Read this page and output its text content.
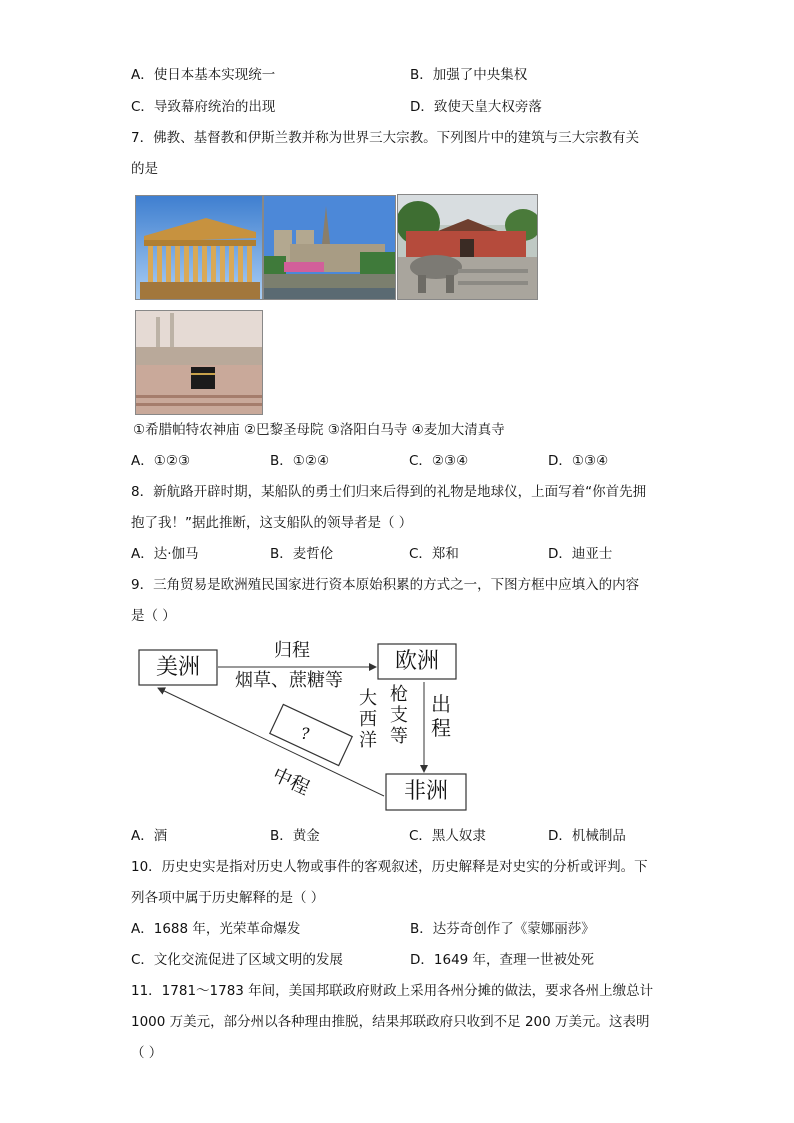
A．使日本基本实现统一	B．加强了中央集权
C．导致幕府统治的出现	D．致使天皇大权旁落
7．佛教、基督教和伊斯兰教并称为世界三大宗教。下列图片中的建筑与三大宗教有关
的是
①希腊帕特农神庙 ②巴黎圣母院 ③洛阳白马寺 ④麦加大清真寺
A．①②③	B．①②④	C．②③④	D．①③④
8．新航路开辟时期，某船队的勇士们归来后得到的礼物是地球仪，上面写着“你首先拥
抱了我！”据此推断，这支船队的领导者是（ ）
A．达·伽马	B．麦哲伦	C．郑和	D．迪亚士
9．三角贸易是欧洲殖民国家进行资本原始积累的方式之一，下图方框中应填入的内容
是（ ）
美洲	欧洲
非洲
归程
烟草、蔗糖等
大
西
洋
枪
支
等
出
程
中程
?
A．酒	B．黄金	C．黑人奴隶	D．机械制品
10．历史史实是指对历史人物或事件的客观叙述，历史解释是对史实的分析或评判。下
列各项中属于历史解释的是（ ）
A．1688 年，光荣革命爆发	B．达芬奇创作了《蒙娜丽莎》
C．文化交流促进了区域文明的发展	D．1649 年，查理一世被处死
11．1781～1783 年间，美国邦联政府财政上采用各州分摊的做法，要求各州上缴总计
1000 万美元，部分州以各种理由推脱，结果邦联政府只收到不足 200 万美元。这表明
（ ）
